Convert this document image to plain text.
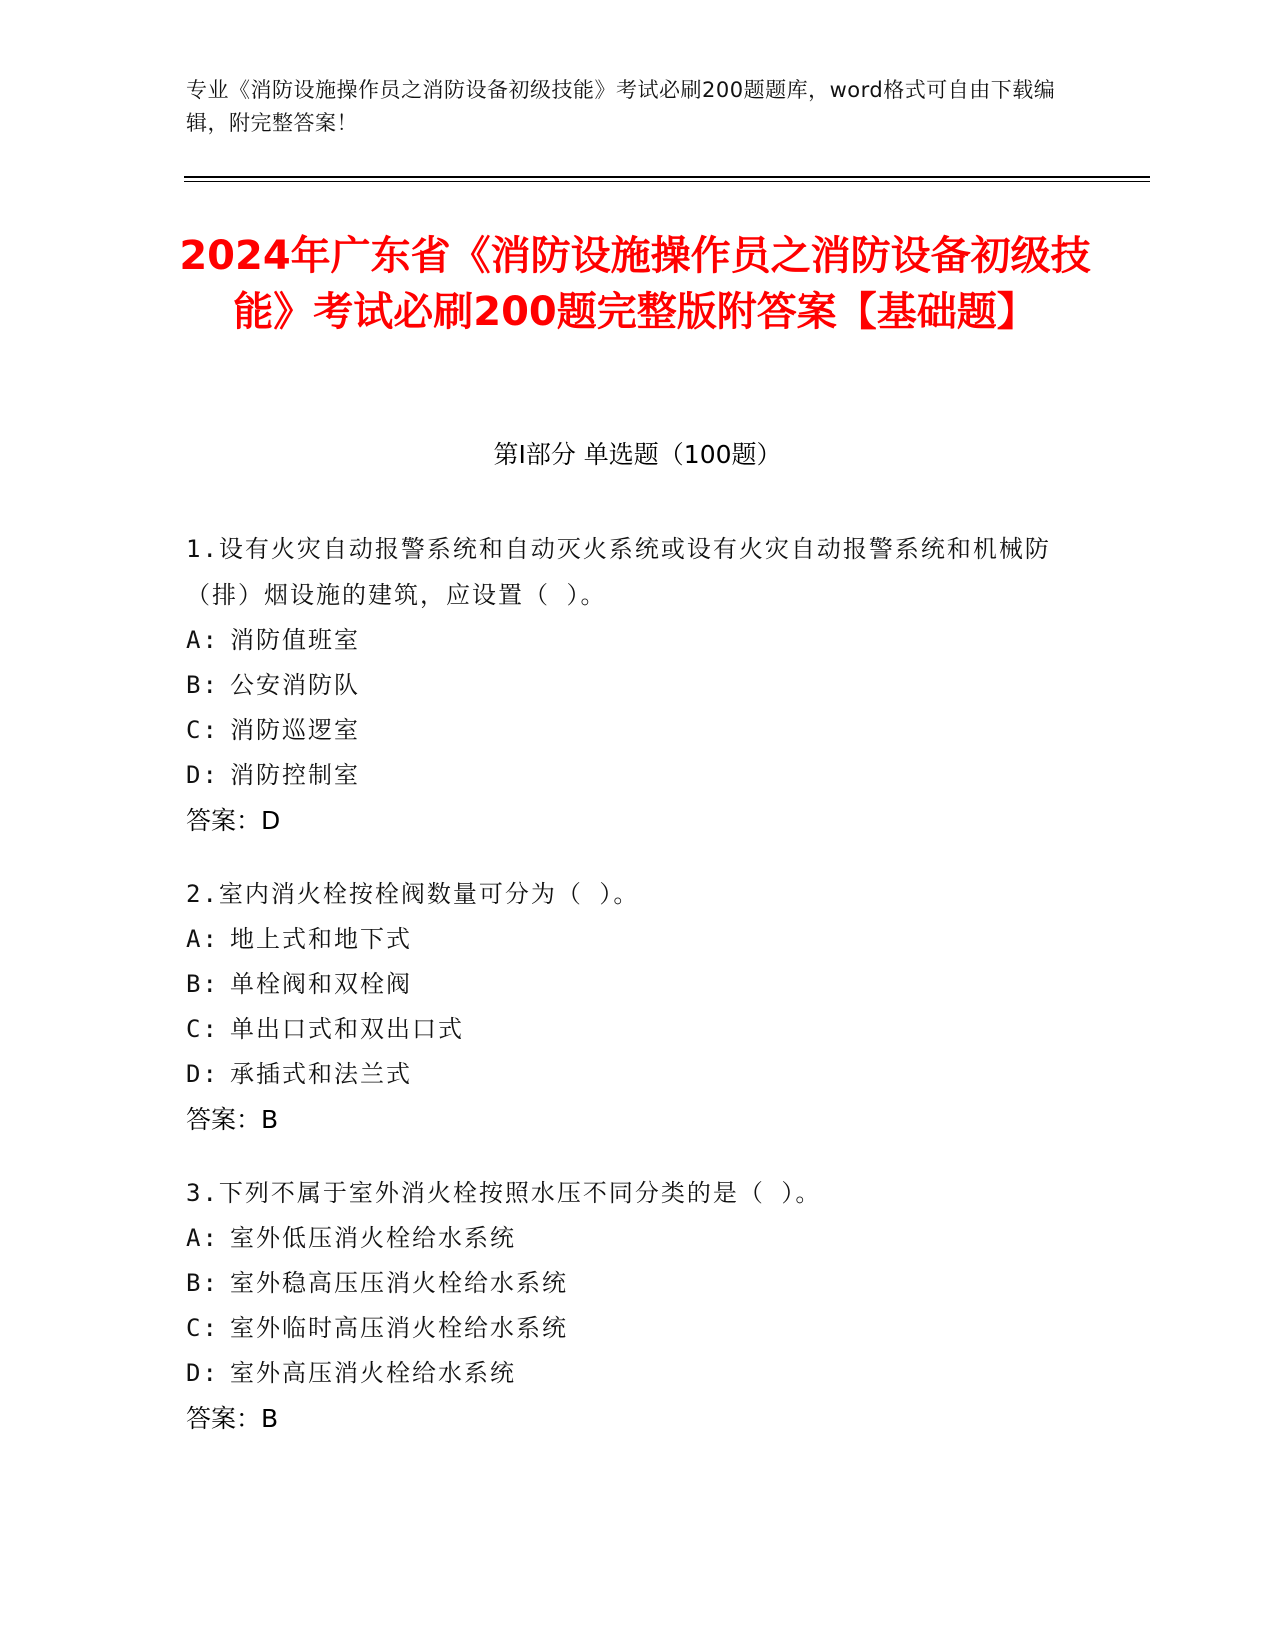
专业《消防设施操作员之消防设备初级技能》考试必刷200题题库，word格式可自由下载编辑，附完整答案！
2024年广东省《消防设施操作员之消防设备初级技能》考试必刷200题完整版附答案【基础题】
第I部分 单选题（100题）
1.设有火灾自动报警系统和自动灭火系统或设有火灾自动报警系统和机械防（排）烟设施的建筑，应设置（ ）。
A: 消防值班室
B: 公安消防队
C: 消防巡逻室
D: 消防控制室
答案：D
2.室内消火栓按栓阀数量可分为（ ）。
A: 地上式和地下式
B: 单栓阀和双栓阀
C: 单出口式和双出口式
D: 承插式和法兰式
答案：B
3.下列不属于室外消火栓按照水压不同分类的是（ ）。
A: 室外低压消火栓给水系统
B: 室外稳高压压消火栓给水系统
C: 室外临时高压消火栓给水系统
D: 室外高压消火栓给水系统
答案：B
